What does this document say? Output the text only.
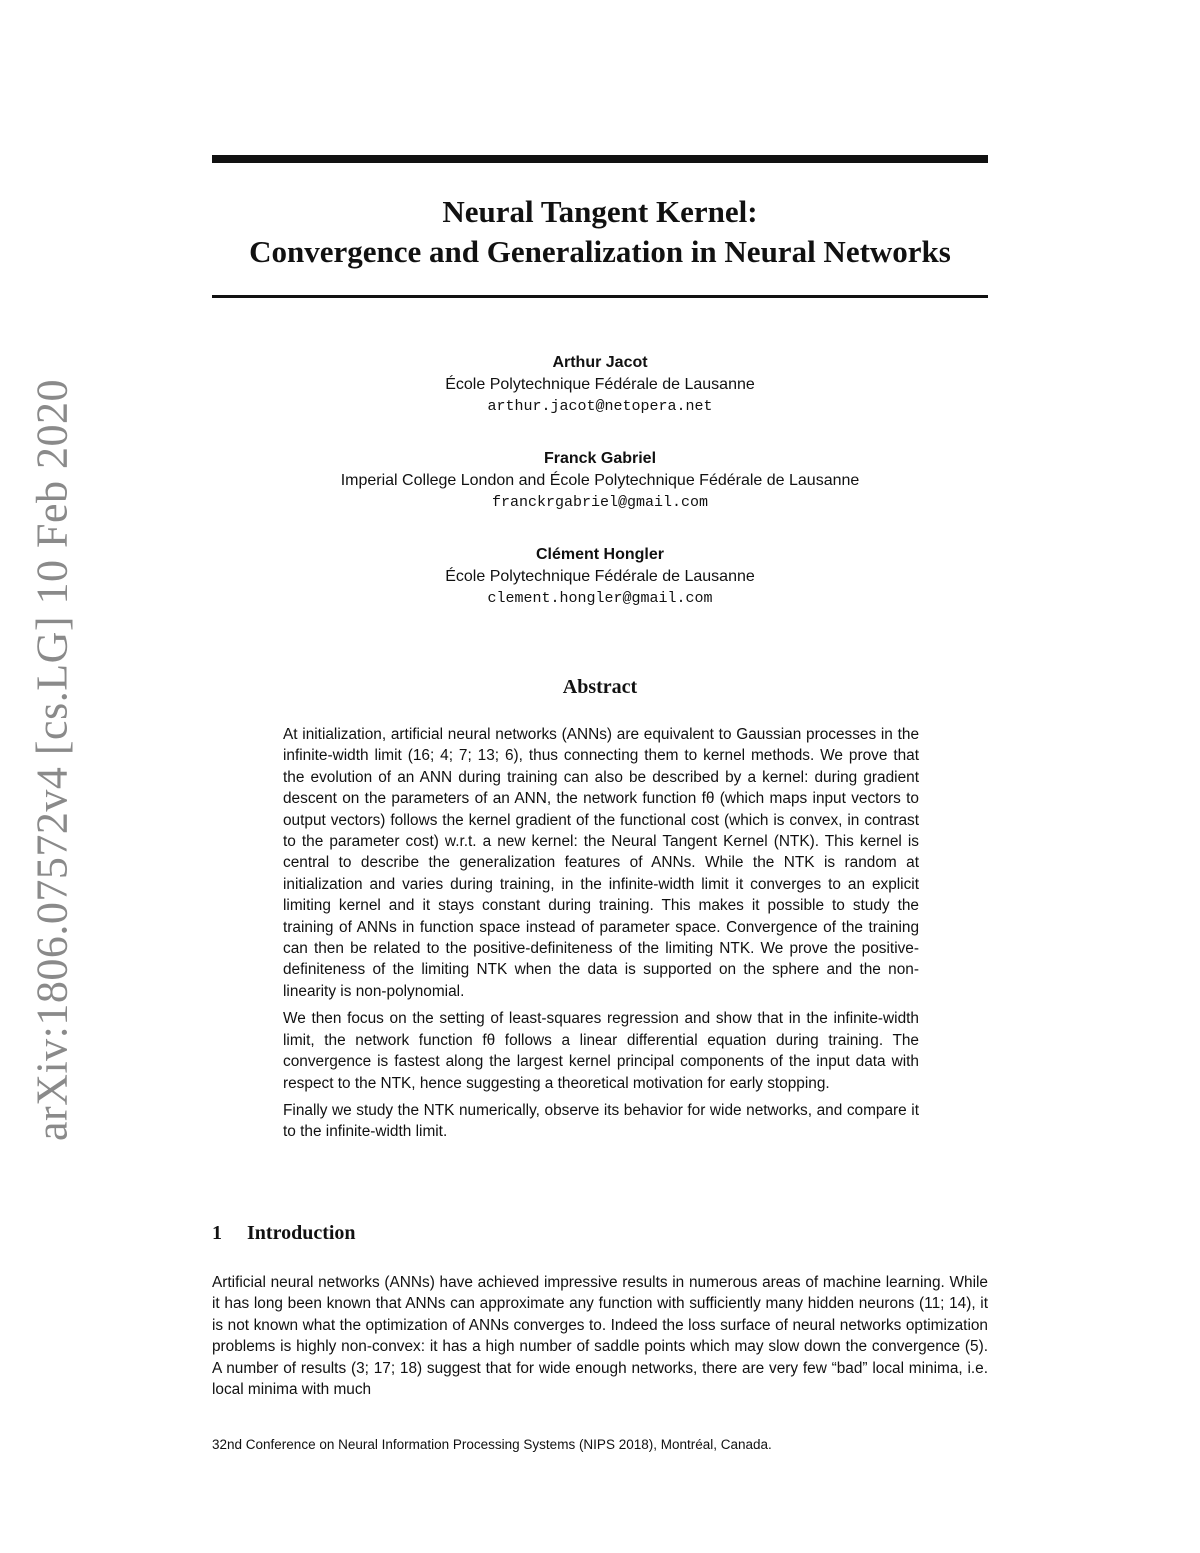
arXiv:1806.07572v4 [cs.LG] 10 Feb 2020
Neural Tangent Kernel:
Convergence and Generalization in Neural Networks
Arthur Jacot
École Polytechnique Fédérale de Lausanne
arthur.jacot@netopera.net
Franck Gabriel
Imperial College London and École Polytechnique Fédérale de Lausanne
franckrgabriel@gmail.com
Clément Hongler
École Polytechnique Fédérale de Lausanne
clement.hongler@gmail.com
Abstract

At initialization, artificial neural networks (ANNs) are equivalent to Gaussian processes in the infinite-width limit (16; 4; 7; 13; 6), thus connecting them to kernel methods. We prove that the evolution of an ANN during training can also be described by a kernel: during gradient descent on the parameters of an ANN, the network function fθ (which maps input vectors to output vectors) follows the kernel gradient of the functional cost (which is convex, in contrast to the parameter cost) w.r.t. a new kernel: the Neural Tangent Kernel (NTK). This kernel is central to describe the generalization features of ANNs. While the NTK is random at initialization and varies during training, in the infinite-width limit it converges to an explicit limiting kernel and it stays constant during training. This makes it possible to study the training of ANNs in function space instead of parameter space. Convergence of the training can then be related to the positive-definiteness of the limiting NTK. We prove the positive-definiteness of the limiting NTK when the data is supported on the sphere and the non-linearity is non-polynomial.

We then focus on the setting of least-squares regression and show that in the infinite-width limit, the network function fθ follows a linear differential equation during training. The convergence is fastest along the largest kernel principal components of the input data with respect to the NTK, hence suggesting a theoretical motivation for early stopping.

Finally we study the NTK numerically, observe its behavior for wide networks, and compare it to the infinite-width limit.

1 Introduction

Artificial neural networks (ANNs) have achieved impressive results in numerous areas of machine learning. While it has long been known that ANNs can approximate any function with sufficiently many hidden neurons (11; 14), it is not known what the optimization of ANNs converges to. Indeed the loss surface of neural networks optimization problems is highly non-convex: it has a high number of saddle points which may slow down the convergence (5). A number of results (3; 17; 18) suggest that for wide enough networks, there are very few “bad” local minima, i.e. local minima with much

32nd Conference on Neural Information Processing Systems (NIPS 2018), Montréal, Canada.
